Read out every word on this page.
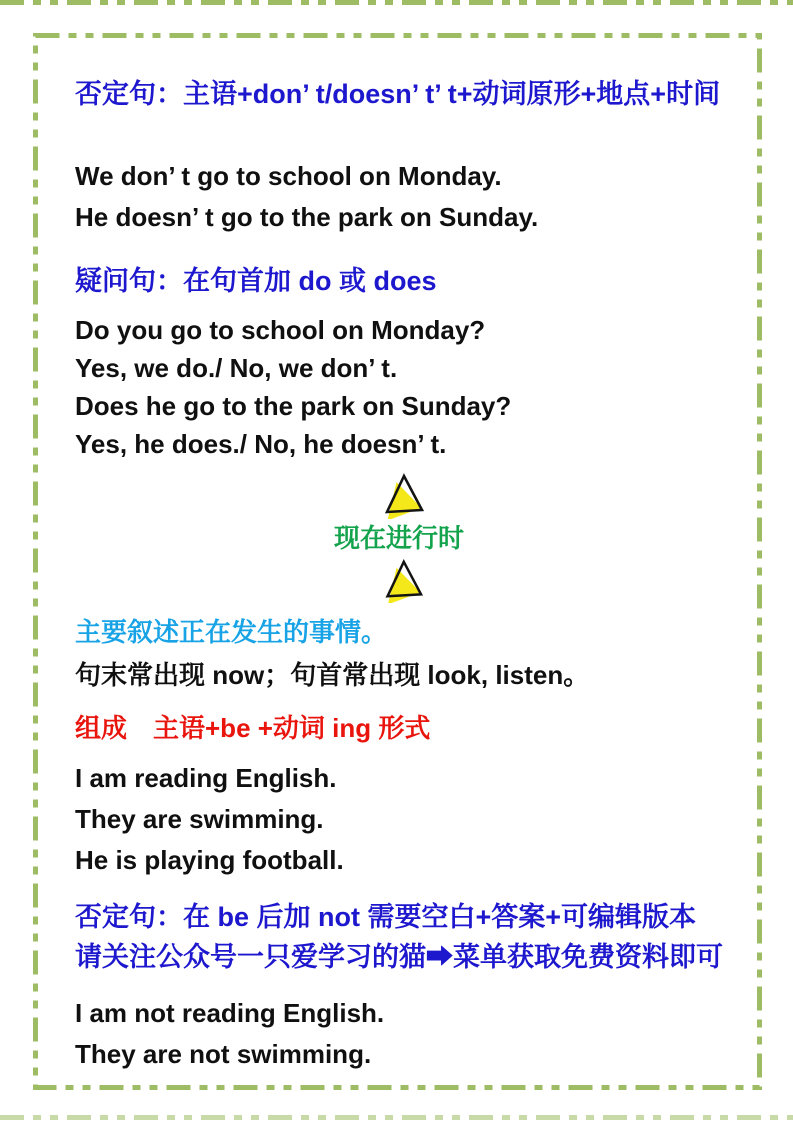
否定句：主语+don’ t/doesn’ t’ t+动词原形+地点+时间

We don’ t go to school on Monday.

He doesn’ t go to the park on Sunday.

疑问句：在句首加 do 或 does

Do you go to school on Monday?

Yes, we do./ No, we don’ t.

Does he go to the park on Sunday?

Yes, he does./ No, he doesn’ t.

现在进行时
主要叙述正在发生的事情。

句末常出现 now；句首常出现 look, listen。

组成　主语+be +动词 ing 形式

I am reading English.

They are swimming.

He is playing football.

否定句：在 be 后加 not 需要空白+答案+可编辑版本请关注公众号一只爱学习的猫➡菜单获取免费资料即可

I am not reading English.

They are not swimming.
